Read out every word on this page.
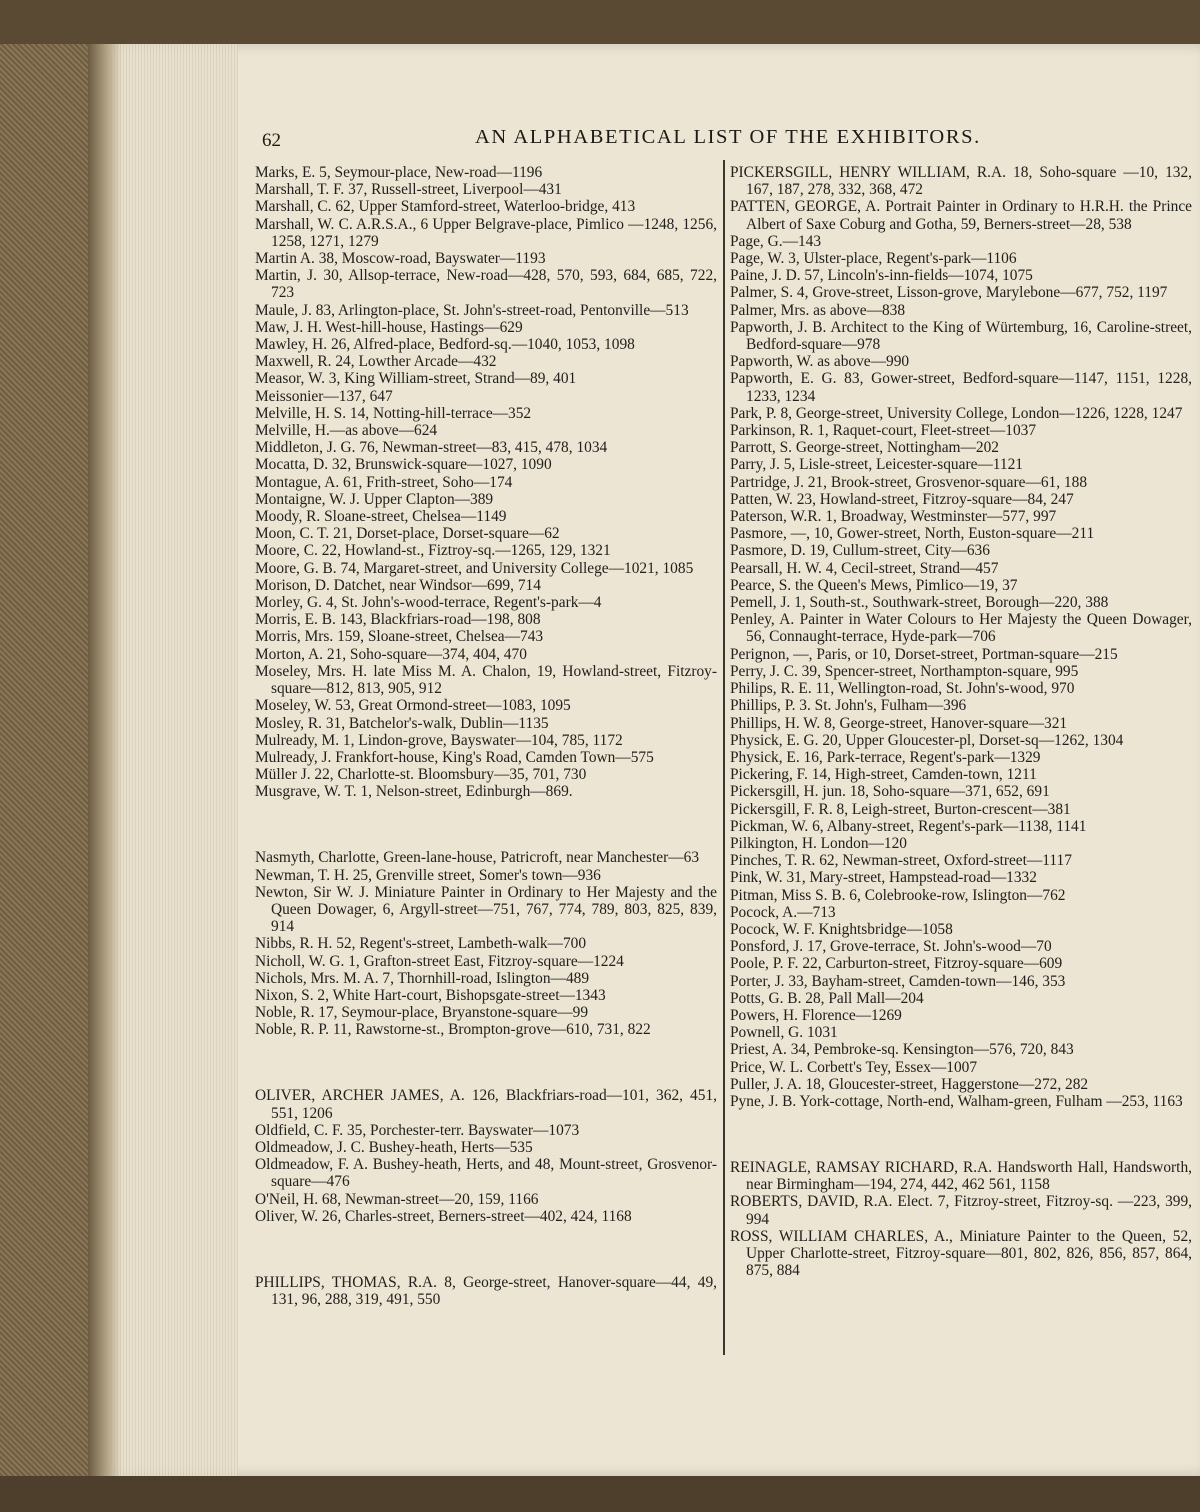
62	AN ALPHABETICAL LIST OF THE EXHIBITORS.

Marks, E. 5, Seymour-place, New-road—1196

Marshall, T. F. 37, Russell-street, Liverpool—431

Marshall, C. 62, Upper Stamford-street, Waterloo-bridge, 413

Marshall, W. C. A.R.S.A., 6 Upper Belgrave-place, Pimlico —1248, 1256, 1258, 1271, 1279

Martin A. 38, Moscow-road, Bayswater—1193

Martin, J. 30, Allsop-terrace, New-road—428, 570, 593, 684, 685, 722, 723

Maule, J. 83, Arlington-place, St. John's-street-road, Pentonville—513

Maw, J. H. West-hill-house, Hastings—629

Mawley, H. 26, Alfred-place, Bedford-sq.—1040, 1053, 1098

Maxwell, R. 24, Lowther Arcade—432

Measor, W. 3, King William-street, Strand—89, 401

Meissonier—137, 647

Melville, H. S. 14, Notting-hill-terrace—352

Melville, H.—as above—624

Middleton, J. G. 76, Newman-street—83, 415, 478, 1034

Mocatta, D. 32, Brunswick-square—1027, 1090

Montague, A. 61, Frith-street, Soho—174

Montaigne, W. J. Upper Clapton—389

Moody, R. Sloane-street, Chelsea—1149

Moon, C. T. 21, Dorset-place, Dorset-square—62

Moore, C. 22, Howland-st., Fiztroy-sq.—1265, 129, 1321

Moore, G. B. 74, Margaret-street, and University College—1021, 1085

Morison, D. Datchet, near Windsor—699, 714

Morley, G. 4, St. John's-wood-terrace, Regent's-park—4

Morris, E. B. 143, Blackfriars-road—198, 808

Morris, Mrs. 159, Sloane-street, Chelsea—743

Morton, A. 21, Soho-square—374, 404, 470

Moseley, Mrs. H. late Miss M. A. Chalon, 19, Howland-street, Fitzroy-square—812, 813, 905, 912

Moseley, W. 53, Great Ormond-street—1083, 1095

Mosley, R. 31, Batchelor's-walk, Dublin—1135

Mulready, M. 1, Lindon-grove, Bayswater—104, 785, 1172

Mulready, J. Frankfort-house, King's Road, Camden Town—575

Müller J. 22, Charlotte-st. Bloomsbury—35, 701, 730

Musgrave, W. T. 1, Nelson-street, Edinburgh—869.

Nasmyth, Charlotte, Green-lane-house, Patricroft, near Manchester—63

Newman, T. H. 25, Grenville street, Somer's town—936

Newton, Sir W. J. Miniature Painter in Ordinary to Her Majesty and the Queen Dowager, 6, Argyll-street—751, 767, 774, 789, 803, 825, 839, 914

Nibbs, R. H. 52, Regent's-street, Lambeth-walk—700

Nicholl, W. G. 1, Grafton-street East, Fitzroy-square—1224

Nichols, Mrs. M. A. 7, Thornhill-road, Islington—489

Nixon, S. 2, White Hart-court, Bishopsgate-street—1343

Noble, R. 17, Seymour-place, Bryanstone-square—99

Noble, R. P. 11, Rawstorne-st., Brompton-grove—610, 731, 822

OLIVER, ARCHER JAMES, A. 126, Blackfriars-road—101, 362, 451, 551, 1206

Oldfield, C. F. 35, Porchester-terr. Bayswater—1073

Oldmeadow, J. C. Bushey-heath, Herts—535

Oldmeadow, F. A. Bushey-heath, Herts, and 48, Mount-street, Grosvenor-square—476

O'Neil, H. 68, Newman-street—20, 159, 1166

Oliver, W. 26, Charles-street, Berners-street—402, 424, 1168

PHILLIPS, THOMAS, R.A. 8, George-street, Hanover-square—44, 49, 131, 96, 288, 319, 491, 550

PICKERSGILL, HENRY WILLIAM, R.A. 18, Soho-square —10, 132, 167, 187, 278, 332, 368, 472

PATTEN, GEORGE, A. Portrait Painter in Ordinary to H.R.H. the Prince Albert of Saxe Coburg and Gotha, 59, Berners-street—28, 538

Page, G.—143

Page, W. 3, Ulster-place, Regent's-park—1106

Paine, J. D. 57, Lincoln's-inn-fields—1074, 1075

Palmer, S. 4, Grove-street, Lisson-grove, Marylebone—677, 752, 1197

Palmer, Mrs. as above—838

Papworth, J. B. Architect to the King of Würtemburg, 16, Caroline-street, Bedford-square—978

Papworth, W. as above—990

Papworth, E. G. 83, Gower-street, Bedford-square—1147, 1151, 1228, 1233, 1234

Park, P. 8, George-street, University College, London—1226, 1228, 1247

Parkinson, R. 1, Raquet-court, Fleet-street—1037

Parrott, S. George-street, Nottingham—202

Parry, J. 5, Lisle-street, Leicester-square—1121

Partridge, J. 21, Brook-street, Grosvenor-square—61, 188

Patten, W. 23, Howland-street, Fitzroy-square—84, 247

Paterson, W.R. 1, Broadway, Westminster—577, 997

Pasmore, —, 10, Gower-street, North, Euston-square—211

Pasmore, D. 19, Cullum-street, City—636

Pearsall, H. W. 4, Cecil-street, Strand—457

Pearce, S. the Queen's Mews, Pimlico—19, 37

Pemell, J. 1, South-st., Southwark-street, Borough—220, 388

Penley, A. Painter in Water Colours to Her Majesty the Queen Dowager, 56, Connaught-terrace, Hyde-park—706

Perignon, —, Paris, or 10, Dorset-street, Portman-square—215

Perry, J. C. 39, Spencer-street, Northampton-square, 995

Philips, R. E. 11, Wellington-road, St. John's-wood, 970

Phillips, P. 3. St. John's, Fulham—396

Phillips, H. W. 8, George-street, Hanover-square—321

Physick, E. G. 20, Upper Gloucester-pl, Dorset-sq—1262, 1304

Physick, E. 16, Park-terrace, Regent's-park—1329

Pickering, F. 14, High-street, Camden-town, 1211

Pickersgill, H. jun. 18, Soho-square—371, 652, 691

Pickersgill, F. R. 8, Leigh-street, Burton-crescent—381

Pickman, W. 6, Albany-street, Regent's-park—1138, 1141

Pilkington, H. London—120

Pinches, T. R. 62, Newman-street, Oxford-street—1117

Pink, W. 31, Mary-street, Hampstead-road—1332

Pitman, Miss S. B. 6, Colebrooke-row, Islington—762

Pocock, A.—713

Pocock, W. F. Knightsbridge—1058

Ponsford, J. 17, Grove-terrace, St. John's-wood—70

Poole, P. F. 22, Carburton-street, Fitzroy-square—609

Porter, J. 33, Bayham-street, Camden-town—146, 353

Potts, G. B. 28, Pall Mall—204

Powers, H. Florence—1269

Pownell, G. 1031

Priest, A. 34, Pembroke-sq. Kensington—576, 720, 843

Price, W. L. Corbett's Tey, Essex—1007

Puller, J. A. 18, Gloucester-street, Haggerstone—272, 282

Pyne, J. B. York-cottage, North-end, Walham-green, Fulham —253, 1163

REINAGLE, RAMSAY RICHARD, R.A. Handsworth Hall, Handsworth, near Birmingham—194, 274, 442, 462 561, 1158

ROBERTS, DAVID, R.A. Elect. 7, Fitzroy-street, Fitzroy-sq. —223, 399, 994

ROSS, WILLIAM CHARLES, A., Miniature Painter to the Queen, 52, Upper Charlotte-street, Fitzroy-square—801, 802, 826, 856, 857, 864, 875, 884
